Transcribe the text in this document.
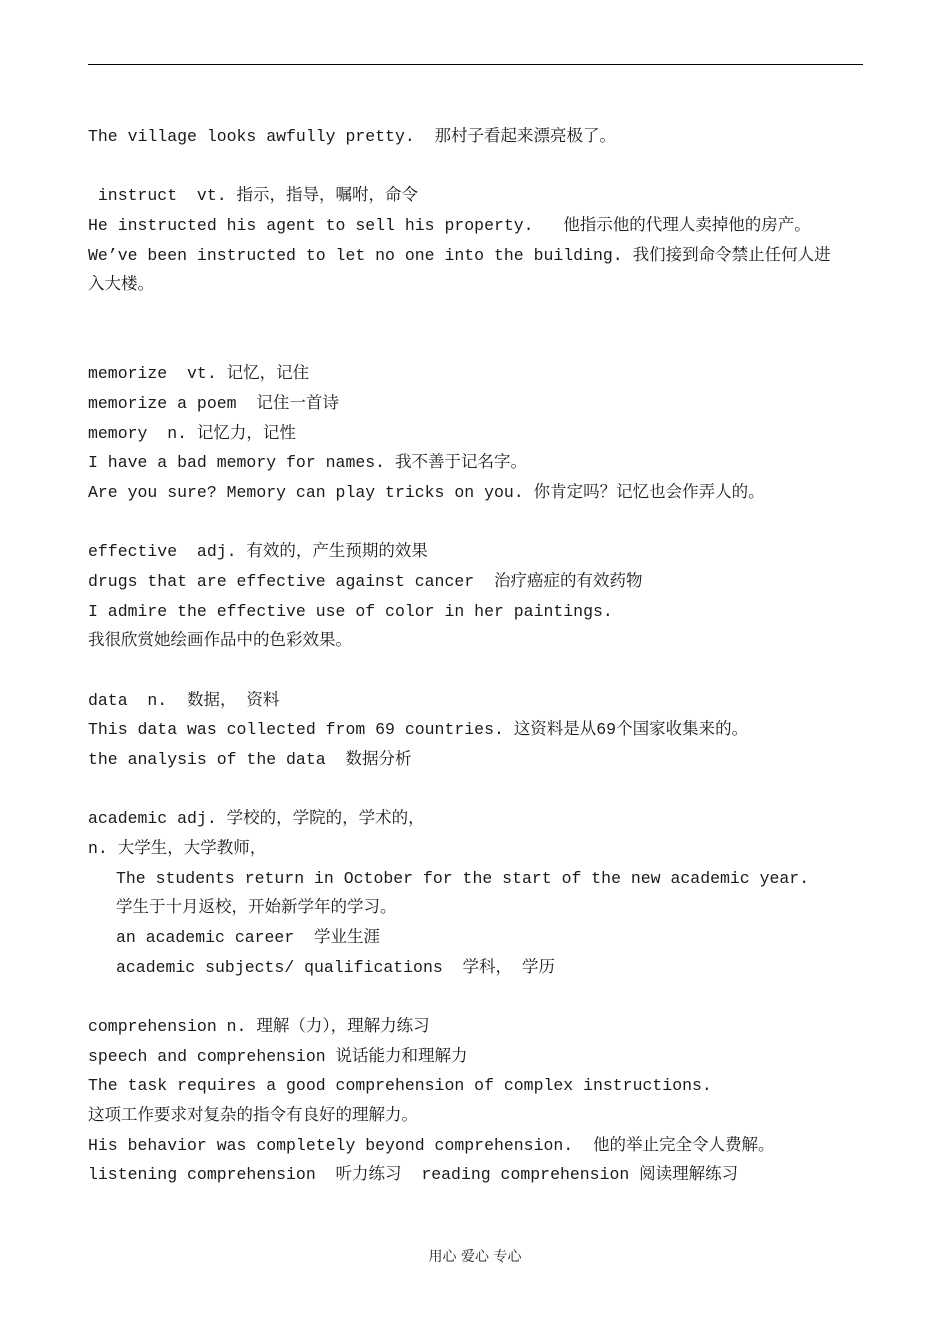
The village looks awfully pretty.  那村子看起来漂亮极了。
instruct  vt. 指示，指导，嘱咐，命令
He instructed his agent to sell his property.   他指示他的代理人卖掉他的房产。
We’ve been instructed to let no one into the building. 我们接到命令禁止任何人进
入大楼。
memorize  vt. 记忆，记住
memorize a poem  记住一首诗
memory  n. 记忆力，记性
I have a bad memory for names. 我不善于记名字。
Are you sure? Memory can play tricks on you. 你肯定吗？记忆也会作弄人的。
effective  adj. 有效的，产生预期的效果
drugs that are effective against cancer  治疗癌症的有效药物
I admire the effective use of color in her paintings.
我很欣赏她绘画作品中的色彩效果。
data  n.  数据， 资料
This data was collected from 69 countries. 这资料是从69个国家收集来的。
the analysis of the data  数据分析
academic adj. 学校的，学院的，学术的，
n. 大学生，大学教师，
The students return in October for the start of the new academic year.
学生于十月返校，开始新学年的学习。
an academic career  学业生涯
academic subjects/ qualifications  学科， 学历
comprehension n. 理解（力），理解力练习
speech and comprehension 说话能力和理解力
The task requires a good comprehension of complex instructions.
这项工作要求对复杂的指令有良好的理解力。
His behavior was completely beyond comprehension.  他的举止完全令人费解。
listening comprehension  听力练习  reading comprehension 阅读理解练习
用心 爱心 专心
